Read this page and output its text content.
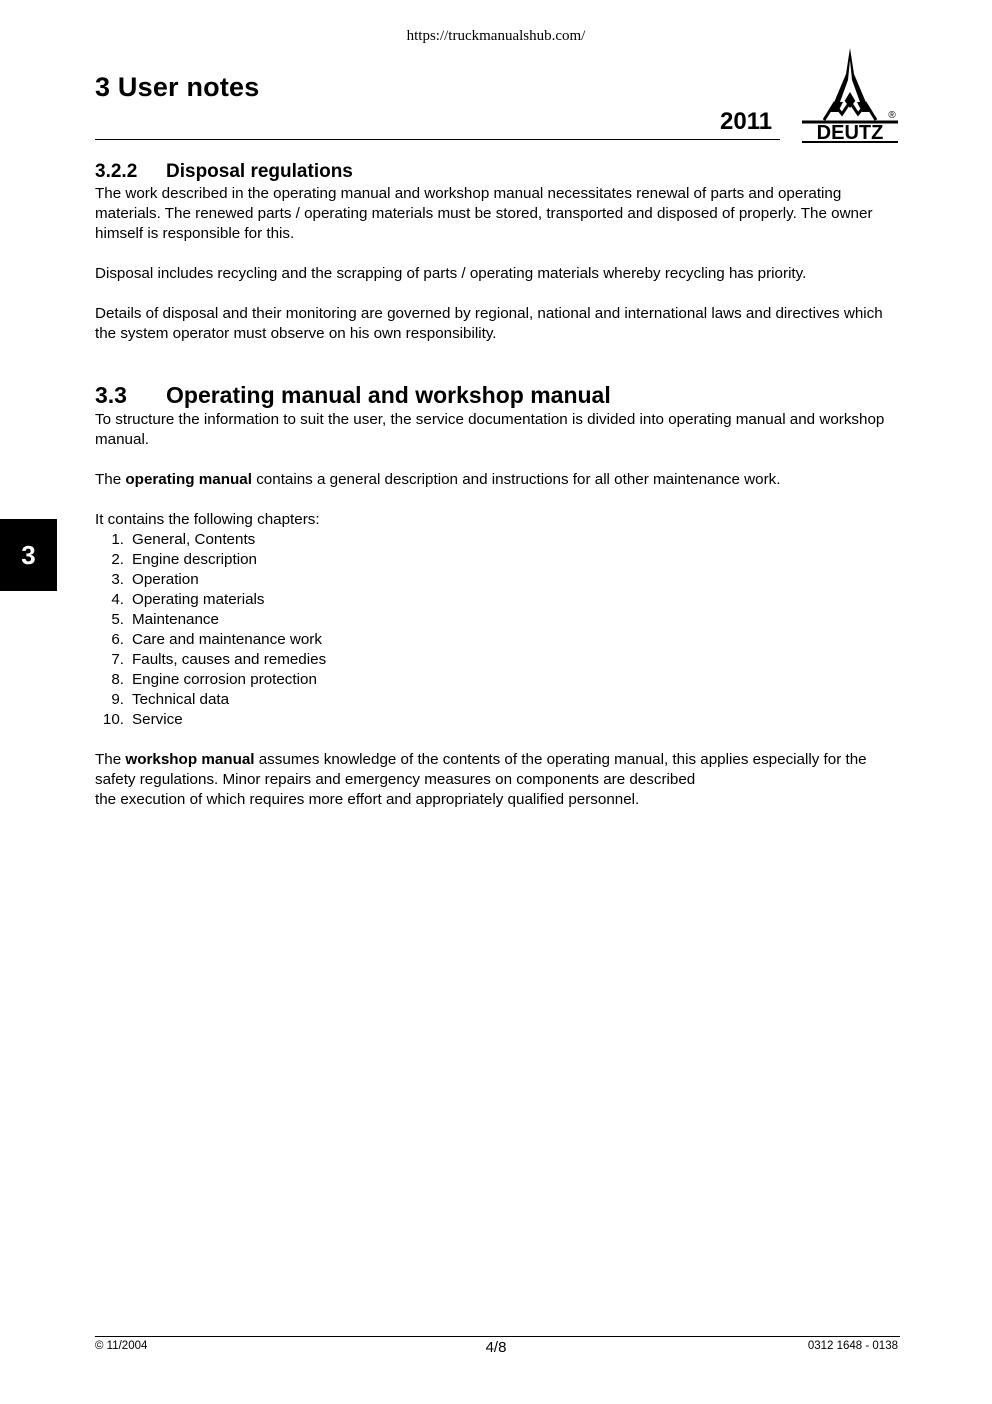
https://truckmanualshub.com/
3 User notes
2011 DEUTZ
®
3
3.2.2	Disposal regulations

The work described in the operating manual and workshop manual necessitates renewal of parts and operating materials. The renewed parts / operating materials must be stored, transported and disposed of properly. The owner himself is responsible for this.

Disposal includes recycling and the scrapping of parts / operating materials whereby recycling has priority.

Details of disposal and their monitoring are governed by regional, national and international laws and directives which the system operator must observe on his own responsibility.

3.3	Operating manual and workshop manual

To structure the information to suit the user, the service documentation is divided into operating manual and workshop manual.

The operating manual contains a general description and instructions for all other maintenance work.

It contains the following chapters:

1. General, Contents
2. Engine description
3. Operation
4. Operating materials
5. Maintenance
6. Care and maintenance work
7. Faults, causes and remedies
8. Engine corrosion protection
9. Technical data
10. Service

The workshop manual assumes knowledge of the contents of the operating manual, this applies especially for the safety regulations. Minor repairs and emergency measures on components are described

the execution of which requires more effort and appropriately qualified personnel.

© 11/2004	4/8	0312 1648 - 0138
